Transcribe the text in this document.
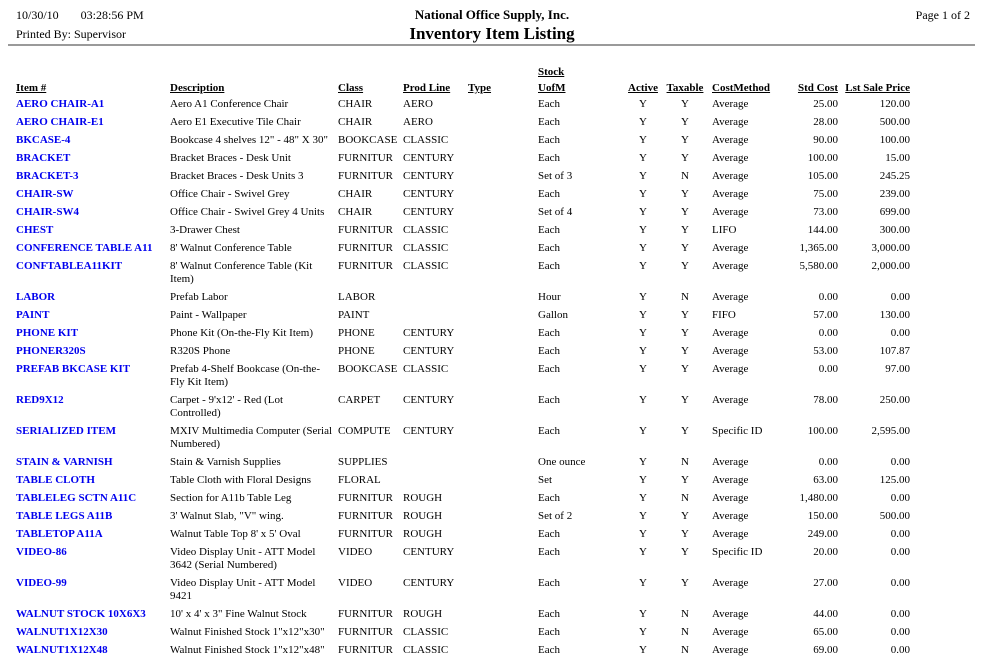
10/30/10 03:28:56 PM
Printed By: Supervisor
National Office Supply, Inc.
Inventory Item Listing
Page 1 of 2
					Stock					
Item #	Description	Class	Prod Line	Type	UofM	Active	Taxable	CostMethod	Std Cost	Lst Sale Price
AERO CHAIR-A1	Aero A1 Conference Chair	CHAIR	AERO		Each	Y	Y	Average	25.00	120.00
AERO CHAIR-E1	Aero E1 Executive Tile Chair	CHAIR	AERO		Each	Y	Y	Average	28.00	500.00
BKCASE-4	Bookcase 4 shelves 12" - 48" X 30"	BOOKCASE	CLASSIC		Each	Y	Y	Average	90.00	100.00
BRACKET	Bracket Braces - Desk Unit	FURNITUR	CENTURY		Each	Y	Y	Average	100.00	15.00
BRACKET-3	Bracket Braces - Desk Units 3	FURNITUR	CENTURY		Set of 3	Y	N	Average	105.00	245.25
CHAIR-SW	Office Chair - Swivel Grey	CHAIR	CENTURY		Each	Y	Y	Average	75.00	239.00
CHAIR-SW4	Office Chair - Swivel Grey 4 Units	CHAIR	CENTURY		Set of 4	Y	Y	Average	73.00	699.00
CHEST	3-Drawer Chest	FURNITUR	CLASSIC		Each	Y	Y	LIFO	144.00	300.00
CONFERENCE TABLE A11	8' Walnut Conference Table	FURNITUR	CLASSIC		Each	Y	Y	Average	1,365.00	3,000.00
CONFTABLEA11KIT	8' Walnut Conference Table (Kit Item)	FURNITUR	CLASSIC		Each	Y	Y	Average	5,580.00	2,000.00
LABOR	Prefab Labor	LABOR			Hour	Y	N	Average	0.00	0.00
PAINT	Paint - Wallpaper	PAINT			Gallon	Y	Y	FIFO	57.00	130.00
PHONE KIT	Phone Kit (On-the-Fly Kit Item)	PHONE	CENTURY		Each	Y	Y	Average	0.00	0.00
PHONER320S	R320S Phone	PHONE	CENTURY		Each	Y	Y	Average	53.00	107.87
PREFAB BKCASE KIT	Prefab 4-Shelf Bookcase (On-the-Fly Kit Item)	BOOKCASE	CLASSIC		Each	Y	Y	Average	0.00	97.00
RED9X12	Carpet - 9'x12' - Red (Lot Controlled)	CARPET	CENTURY		Each	Y	Y	Average	78.00	250.00
SERIALIZED ITEM	MXIV Multimedia Computer (Serial Numbered)	COMPUTE	CENTURY		Each	Y	Y	Specific ID	100.00	2,595.00
STAIN & VARNISH	Stain & Varnish Supplies	SUPPLIES			One ounce	Y	N	Average	0.00	0.00
TABLE CLOTH	Table Cloth with Floral Designs	FLORAL			Set	Y	Y	Average	63.00	125.00
TABLELEG SCTN A11C	Section for A11b Table Leg	FURNITUR	ROUGH		Each	Y	N	Average	1,480.00	0.00
TABLE LEGS A11B	3' Walnut Slab, "V" wing.	FURNITUR	ROUGH		Set of 2	Y	Y	Average	150.00	500.00
TABLETOP A11A	Walnut Table Top 8' x 5' Oval	FURNITUR	ROUGH		Each	Y	Y	Average	249.00	0.00
VIDEO-86	Video Display Unit - ATT Model 3642 (Serial Numbered)	VIDEO	CENTURY		Each	Y	Y	Specific ID	20.00	0.00
VIDEO-99	Video Display Unit - ATT Model 9421	VIDEO	CENTURY		Each	Y	Y	Average	27.00	0.00
WALNUT STOCK 10X6X3	10' x 4' x 3" Fine Walnut Stock	FURNITUR	ROUGH		Each	Y	N	Average	44.00	0.00
WALNUT1X12X30	Walnut Finished Stock 1"x12"x30"	FURNITUR	CLASSIC		Each	Y	N	Average	65.00	0.00
WALNUT1X12X48	Walnut Finished Stock 1"x12"x48"	FURNITUR	CLASSIC		Each	Y	N	Average	69.00	0.00
